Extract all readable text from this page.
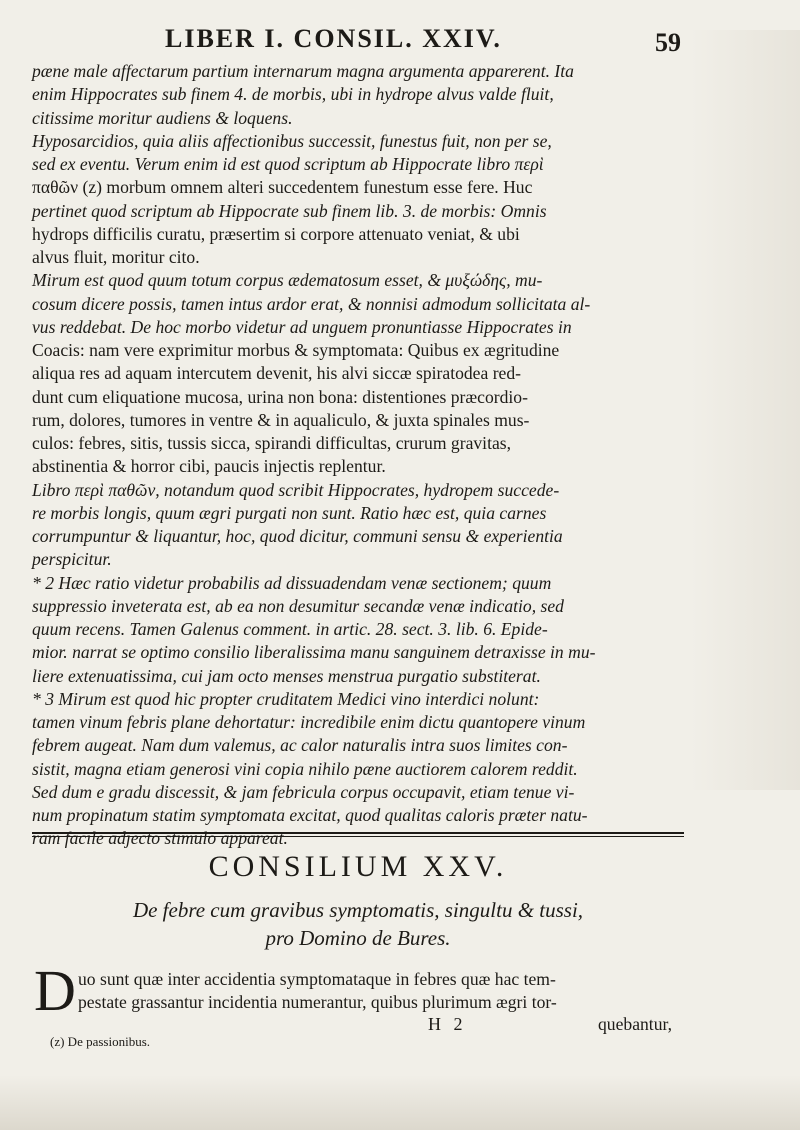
LIBER I. CONSIL. XXIV.	59
pæne male affectarum partium internarum magna argumenta apparerent. Ita
enim Hippocrates sub finem 4. de morbis, ubi in hydrope alvus valde fluit,
citissime moritur audiens & loquens.
Hyposarcidios, quia aliis affectionibus successit, funestus fuit, non per se,
sed ex eventu. Verum enim id est quod scriptum ab Hippocrate libro περὶ
παθῶν (z) morbum omnem alteri succedentem funestum esse fere. Huc
pertinet quod scriptum ab Hippocrate sub finem lib. 3. de morbis: Omnis
hydrops difficilis curatu, præsertim si corpore attenuato veniat, & ubi
alvus fluit, moritur cito.
Mirum est quod quum totum corpus ædematosum esset, & μυξώδης, mu-
cosum dicere possis, tamen intus ardor erat, & nonnisi admodum sollicitata al-
vus reddebat. De hoc morbo videtur ad unguem pronuntiasse Hippocrates in
Coacis: nam vere exprimitur morbus & symptomata: Quibus ex ægritudine
aliqua res ad aquam intercutem devenit, his alvi siccæ spiratodea red-
dunt cum eliquatione mucosa, urina non bona: distentiones præcordio-
rum, dolores, tumores in ventre & in aqualiculo, & juxta spinales mus-
culos: febres, sitis, tussis sicca, spirandi difficultas, crurum gravitas,
abstinentia & horror cibi, paucis injectis replentur.
Libro περὶ παθῶν, notandum quod scribit Hippocrates, hydropem succede-
re morbis longis, quum ægri purgati non sunt. Ratio hæc est, quia carnes
corrumpuntur & liquantur, hoc, quod dicitur, communi sensu & experientia
perspicitur.
* 2 Hæc ratio videtur probabilis ad dissuadendam venæ sectionem; quum
suppressio inveterata est, ab ea non desumitur secandæ venæ indicatio, sed
quum recens. Tamen Galenus comment. in artic. 28. sect. 3. lib. 6. Epide-
mior. narrat se optimo consilio liberalissima manu sanguinem detraxisse in mu-
liere extenuatissima, cui jam octo menses menstrua purgatio substiterat.
* 3 Mirum est quod hic propter cruditatem Medici vino interdici nolunt:
tamen vinum febris plane dehortatur: incredibile enim dictu quantopere vinum
febrem augeat. Nam dum valemus, ac calor naturalis intra suos limites con-
sistit, magna etiam generosi vini copia nihilo pæne auctiorem calorem reddit.
Sed dum e gradu discessit, & jam febricula corpus occupavit, etiam tenue vi-
num propinatum statim symptomata excitat, quod qualitas caloris præter natu-
ram facile adjecto stimulo appareat.
CONSILIUM XXV.
De febre cum gravibus symptomatis, singultu & tussi,
pro Domino de Bures.
D uo sunt quæ inter accidentia symptomataque in febres quæ hac tem-
pestate grassantur incidentia numerantur, quibus plurimum ægri tor-
H 2	quebantur,
(z) De passionibus.
